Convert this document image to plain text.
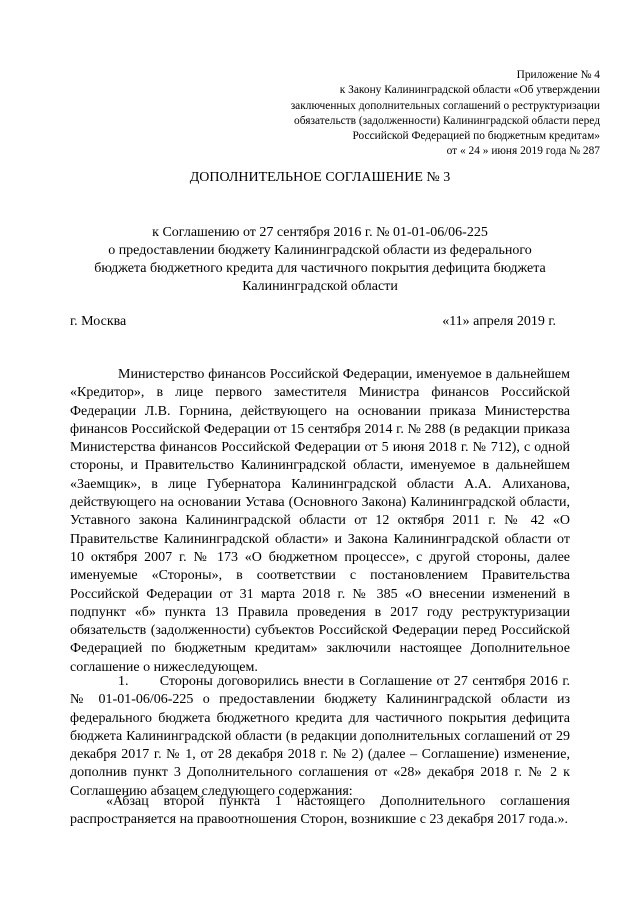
Приложение № 4
к Закону Калининградской области «Об утверждении
заключенных дополнительных соглашений о реструктуризации
обязательств (задолженности) Калининградской области перед
Российской Федерацией по бюджетным кредитам»
от « 24 » июня 2019 года № 287
ДОПОЛНИТЕЛЬНОЕ СОГЛАШЕНИЕ № 3
к Соглашению от 27 сентября 2016 г. № 01-01-06/06-225
о предоставлении бюджету Калининградской области из федерального
бюджета бюджетного кредита для частичного покрытия дефицита бюджета
Калининградской области
г. Москва	«11» апреля 2019 г.
Министерство финансов Российской Федерации, именуемое в дальнейшем «Кредитор», в лице первого заместителя Министра финансов Российской Федерации Л.В. Горнина, действующего на основании приказа Министерства финансов Российской Федерации от 15 сентября 2014 г. № 288 (в редакции приказа Министерства финансов Российской Федерации от 5 июня 2018 г. № 712), с одной стороны, и Правительство Калининградской области, именуемое в дальнейшем «Заемщик», в лице Губернатора Калининградской области А.А. Алиханова, действующего на основании Устава (Основного Закона) Калининградской области, Уставного закона Калининградской области от 12 октября 2011 г. № 42 «О Правительстве Калининградской области» и Закона Калининградской области от 10 октября 2007 г. № 173 «О бюджетном процессе», с другой стороны, далее именуемые «Стороны», в соответствии с постановлением Правительства Российской Федерации от 31 марта 2018 г. № 385 «О внесении изменений в подпункт «б» пункта 13 Правила проведения в 2017 году реструктуризации обязательств (задолженности) субъектов Российской Федерации перед Российской Федерацией по бюджетным кредитам» заключили настоящее Дополнительное соглашение о нижеследующем.
1. Стороны договорились внести в Соглашение от 27 сентября 2016 г. № 01-01-06/06-225 о предоставлении бюджету Калининградской области из федерального бюджета бюджетного кредита для частичного покрытия дефицита бюджета Калининградской области (в редакции дополнительных соглашений от 29 декабря 2017 г. № 1, от 28 декабря 2018 г. № 2) (далее – Соглашение) изменение, дополнив пункт 3 Дополнительного соглашения от «28» декабря 2018 г. № 2 к Соглашению абзацем следующего содержания:
«Абзац второй пункта 1 настоящего Дополнительного соглашения распространяется на правоотношения Сторон, возникшие с 23 декабря 2017 года.».
